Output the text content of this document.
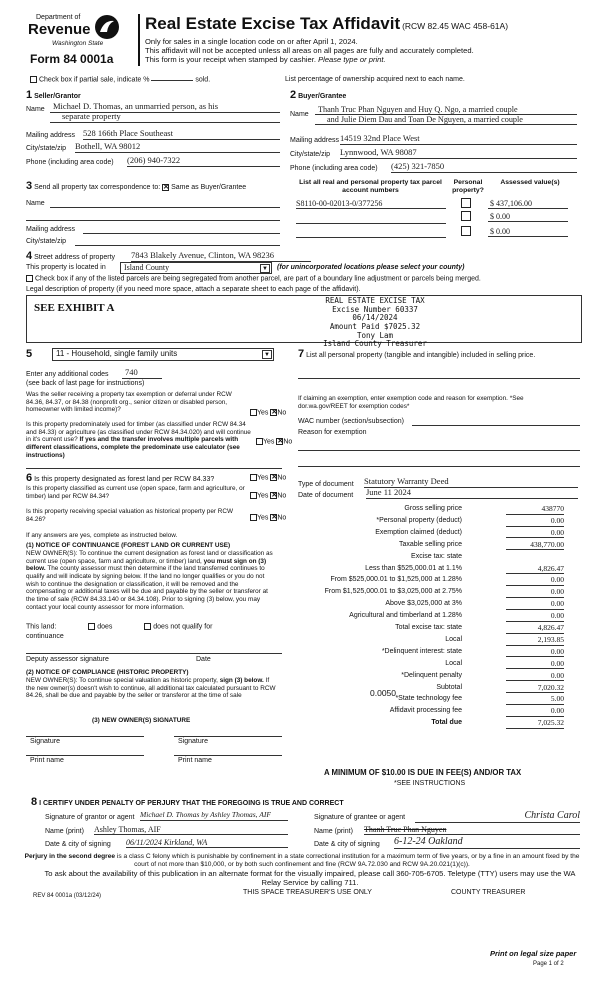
Department of
Revenue
Washington State
Form 84 0001a
Real Estate Excise Tax Affidavit (RCW 82.45 WAC 458-61A)
Only for sales in a single location code on or after April 1, 2024.
This affidavit will not be accepted unless all areas on all pages are fully and accurately completed.
This form is your receipt when stamped by cashier. Please type or print.
Check box if partial sale, indicate %	sold.	List percentage of ownership acquired next to each name.
1 Seller/Grantor
Name Michael D. Thomas, an unmarried person, as his
separate property
Mailing address 528 166th Place Southeast
City/state/zip Bothell, WA 98012
Phone (including area code) (206) 940-7322
2 Buyer/Grantee
Name
Thanh Truc Phan Nguyen and Huy Q. Ngo, a married couple
and Julie Diem Dau and Toan De Nguyen, a married couple
Mailing address 14519 32nd Place West
City/state/zip Lynnwood, WA 98087
Phone (including area code) (425) 321-7850
3 Send all property tax correspondence to: ✕ Same as Buyer/Grantee
Name
Mailing address
City/state/zip
List all real and personal property tax parcel account numbers
Personal property?
Assessed value(s)
S8110-00-02013-0/377256	$ 437,106.00
$ 0.00
$ 0.00
4 Street address of property 7843 Blakely Avenue, Clinton, WA 98236
This property is located in	Island County	▼ (for unincorporated locations please select your county)
Check box if any of the listed parcels are being segregated from another parcel, are part of a boundary line adjustment or parcels being merged.
Legal description of property (if you need more space, attach a separate sheet to each page of the affidavit).
SEE EXHIBIT A
REAL ESTATE EXCISE TAX
Excise Number 60337
06/14/2024
Amount Paid $7025.32
Tony Lam
Island County Treasurer
5	11 - Household, single family units	▼
Enter any additional codes	740
(see back of last page for instructions)
Was the seller receiving a property tax exemption or deferral under RCW 84.36, 84.37, or 84.38 (nonprofit org., senior citizen or disabled person, homeowner with limited income)?	Yes ✕ No
Is this property predominately used for timber (as classified under RCW 84.34 and 84.33) or agriculture (as classified under RCW 84.34.020) and will continue in it's current use? If yes and the transfer involves multiple parcels with different classifications, complete the predominate use calculator (see instructions)
Yes ✕ No
6 Is this property designated as forest land per RCW 84.33?	Yes ✕ No
Is this property classified as current use (open space, farm and agriculture, or timber) land per RCW 84.34?	Yes ✕ No
Is this property receiving special valuation as historical property per RCW 84.26?	Yes ✕ No
If any answers are yes, complete as instructed below.
(1) NOTICE OF CONTINUANCE (FOREST LAND OR CURRENT USE)
NEW OWNER(S): To continue the current designation as forest land or classification as current use (open space, farm and agriculture, or timber) land, you must sign on (3) below. The county assessor must then determine if the land transferred continues to qualify and will indicate by signing below. If the land no longer qualifies or you do not wish to continue the designation or classification, it will be removed and the compensating or additional taxes will be due and payable by the seller or transferor at the time of sale (RCW 84.33.140 or 84.34.108). Prior to signing (3) below, you may contact your local county assessor for more information.
This land:	does	does not qualify for
continuance
Deputy assessor signature	Date
(2) NOTICE OF COMPLIANCE (HISTORIC PROPERTY)
NEW OWNER(S): To continue special valuation as historic property, sign (3) below. If the new owner(s) doesn't wish to continue, all additional tax calculated pursuant to RCW 84.26, shall be due and payable by the seller or transferor at the time of sale
(3) NEW OWNER(S) SIGNATURE
Signature	Signature
Print name	Print name
7 List all personal property (tangible and intangible) included in selling price.
If claiming an exemption, enter exemption code and reason for exemption. *See dor.wa.gov/REET for exemption codes*
WAC number (section/subsection)
Reason for exemption
Type of document Statutory Warranty Deed
Date of document June 11 2024
Gross selling price	438770
*Personal property (deduct)	0.00
Exemption claimed (deduct)	0.00
Taxable selling price	438,770.00
Excise tax: state
Less than $525,000.01 at 1.1%	4,826.47
From $525,000.01 to $1,525,000 at 1.28%	0.00
From $1,525,000.01 to $3,025,000 at 2.75%	0.00
Above $3,025,000 at 3%	0.00
Agricultural and timberland at 1.28%	0.00
Total excise tax: state	4,826.47
Local	2,193.85
*Delinquent interest: state	0.00
Local	0.00
*Delinquent penalty	0.00
Subtotal	7,020.32
*State technology fee	5.00
Affidavit processing fee	0.00
Total due	7,025.32
0.0050
A MINIMUM OF $10.00 IS DUE IN FEE(S) AND/OR TAX
*SEE INSTRUCTIONS
8 I CERTIFY UNDER PENALTY OF PERJURY THAT THE FOREGOING IS TRUE AND CORRECT
Signature of grantor or agent Michael D. Thomas by Ashley Thomas, AIF
Name (print) Ashley Thomas, AIF
Date & city of signing 06/11/2024 Kirkland, WA
Signature of grantee or agent	Christa Carol
Name (print) Thanh Truc Phan Nguyen
Date & city of signing 6-12-24 Oakland
Perjury in the second degree is a class C felony which is punishable by confinement in a state correctional institution for a maximum term of five years, or by a fine in an amount fixed by the court of not more than $10,000, or by both such confinement and fine (RCW 9A.72.030 and RCW 9A.20.021(1)(c)).
To ask about the availability of this publication in an alternate format for the visually impaired, please call 360-705-6705. Teletype (TTY) users may use the WA Relay Service by calling 711.
REV 84 0001a (03/12/24)	THIS SPACE TREASURER'S USE ONLY	COUNTY TREASURER
Print on legal size paper
Page 1 of 2
